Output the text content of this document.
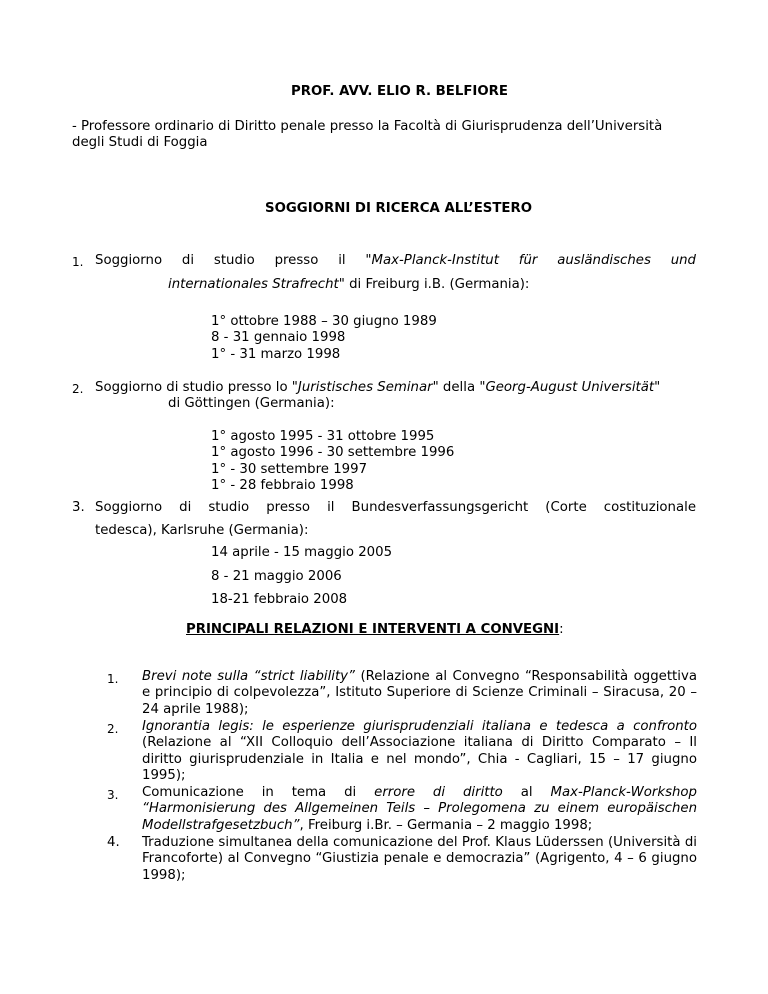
PROF. AVV. ELIO R. BELFIORE
- Professore ordinario di Diritto penale presso la Facoltà di Giurisprudenza dell’Università
degli Studi di Foggia
SOGGIORNI DI RICERCA ALL’ESTERO
1. Soggiorno di studio presso il "Max-Planck-Institut für ausländisches und
internationales Strafrecht" di Freiburg i.B. (Germania):
1° ottobre 1988 – 30 giugno 1989
8 - 31 gennaio 1998
1° - 31 marzo 1998
2. Soggiorno di studio presso lo "Juristisches Seminar" della "Georg-August Universität"
di Göttingen (Germania):
1° agosto 1995 - 31 ottobre 1995
1° agosto 1996 - 30 settembre 1996
1° - 30 settembre 1997
1° - 28 febbraio 1998
3. Soggiorno di studio presso il Bundesverfassungsgericht (Corte costituzionale
tedesca), Karlsruhe (Germania):
14 aprile - 15 maggio 2005
8 - 21 maggio 2006
18-21 febbraio 2008
PRINCIPALI RELAZIONI E INTERVENTI A CONVEGNI:
1. Brevi note sulla “strict liability” (Relazione al Convegno “Responsabilità oggettiva e principio di colpevolezza”, Istituto Superiore di Scienze Criminali – Siracusa, 20 – 24 aprile 1988);
2. Ignorantia legis: le esperienze giurisprudenziali italiana e tedesca a confronto (Relazione al “XII Colloquio dell’Associazione italiana di Diritto Comparato – Il diritto giurisprudenziale in Italia e nel mondo”, Chia - Cagliari, 15 – 17 giugno 1995);
3. Comunicazione in tema di errore di diritto al Max-Planck-Workshop “Harmonisierung des Allgemeinen Teils – Prolegomena zu einem europäischen Modellstrafgesetzbuch”, Freiburg i.Br. – Germania – 2 maggio 1998;
4. Traduzione simultanea della comunicazione del Prof. Klaus Lüderssen (Università di Francoforte) al Convegno “Giustizia penale e democrazia” (Agrigento, 4 – 6 giugno 1998);
